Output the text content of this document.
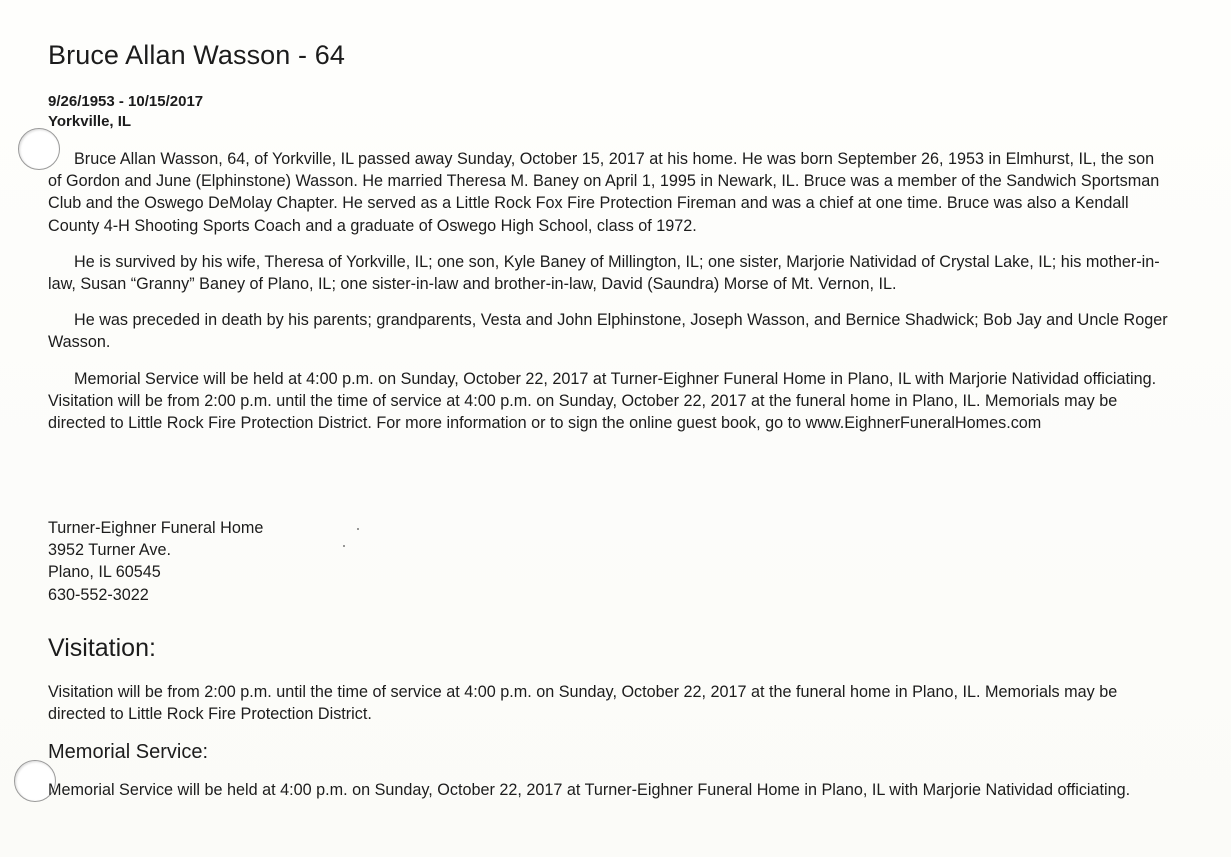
Bruce Allan Wasson - 64
9/26/1953 - 10/15/2017
Yorkville, IL

Bruce Allan Wasson, 64, of Yorkville, IL passed away Sunday, October 15, 2017 at his home. He was born September 26, 1953 in Elmhurst, IL, the son of Gordon and June (Elphinstone) Wasson. He married Theresa M. Baney on April 1, 1995 in Newark, IL. Bruce was a member of the Sandwich Sportsman Club and the Oswego DeMolay Chapter. He served as a Little Rock Fox Fire Protection Fireman and was a chief at one time. Bruce was also a Kendall County 4-H Shooting Sports Coach and a graduate of Oswego High School, class of 1972.

He is survived by his wife, Theresa of Yorkville, IL; one son, Kyle Baney of Millington, IL; one sister, Marjorie Natividad of Crystal Lake, IL; his mother-in-law, Susan “Granny” Baney of Plano, IL; one sister-in-law and brother-in-law, David (Saundra) Morse of Mt. Vernon, IL.

He was preceded in death by his parents; grandparents, Vesta and John Elphinstone, Joseph Wasson, and Bernice Shadwick; Bob Jay and Uncle Roger Wasson.

Memorial Service will be held at 4:00 p.m. on Sunday, October 22, 2017 at Turner-Eighner Funeral Home in Plano, IL with Marjorie Natividad officiating. Visitation will be from 2:00 p.m. until the time of service at 4:00 p.m. on Sunday, October 22, 2017 at the funeral home in Plano, IL. Memorials may be directed to Little Rock Fire Protection District. For more information or to sign the online guest book, go to www.EighnerFuneralHomes.com

Turner-Eighner Funeral Home
3952 Turner Ave.
Plano, IL 60545
630-552-3022
Visitation:

Visitation will be from 2:00 p.m. until the time of service at 4:00 p.m. on Sunday, October 22, 2017 at the funeral home in Plano, IL. Memorials may be directed to Little Rock Fire Protection District.

Memorial Service:

Memorial Service will be held at 4:00 p.m. on Sunday, October 22, 2017 at Turner-Eighner Funeral Home in Plano, IL with Marjorie Natividad officiating.
